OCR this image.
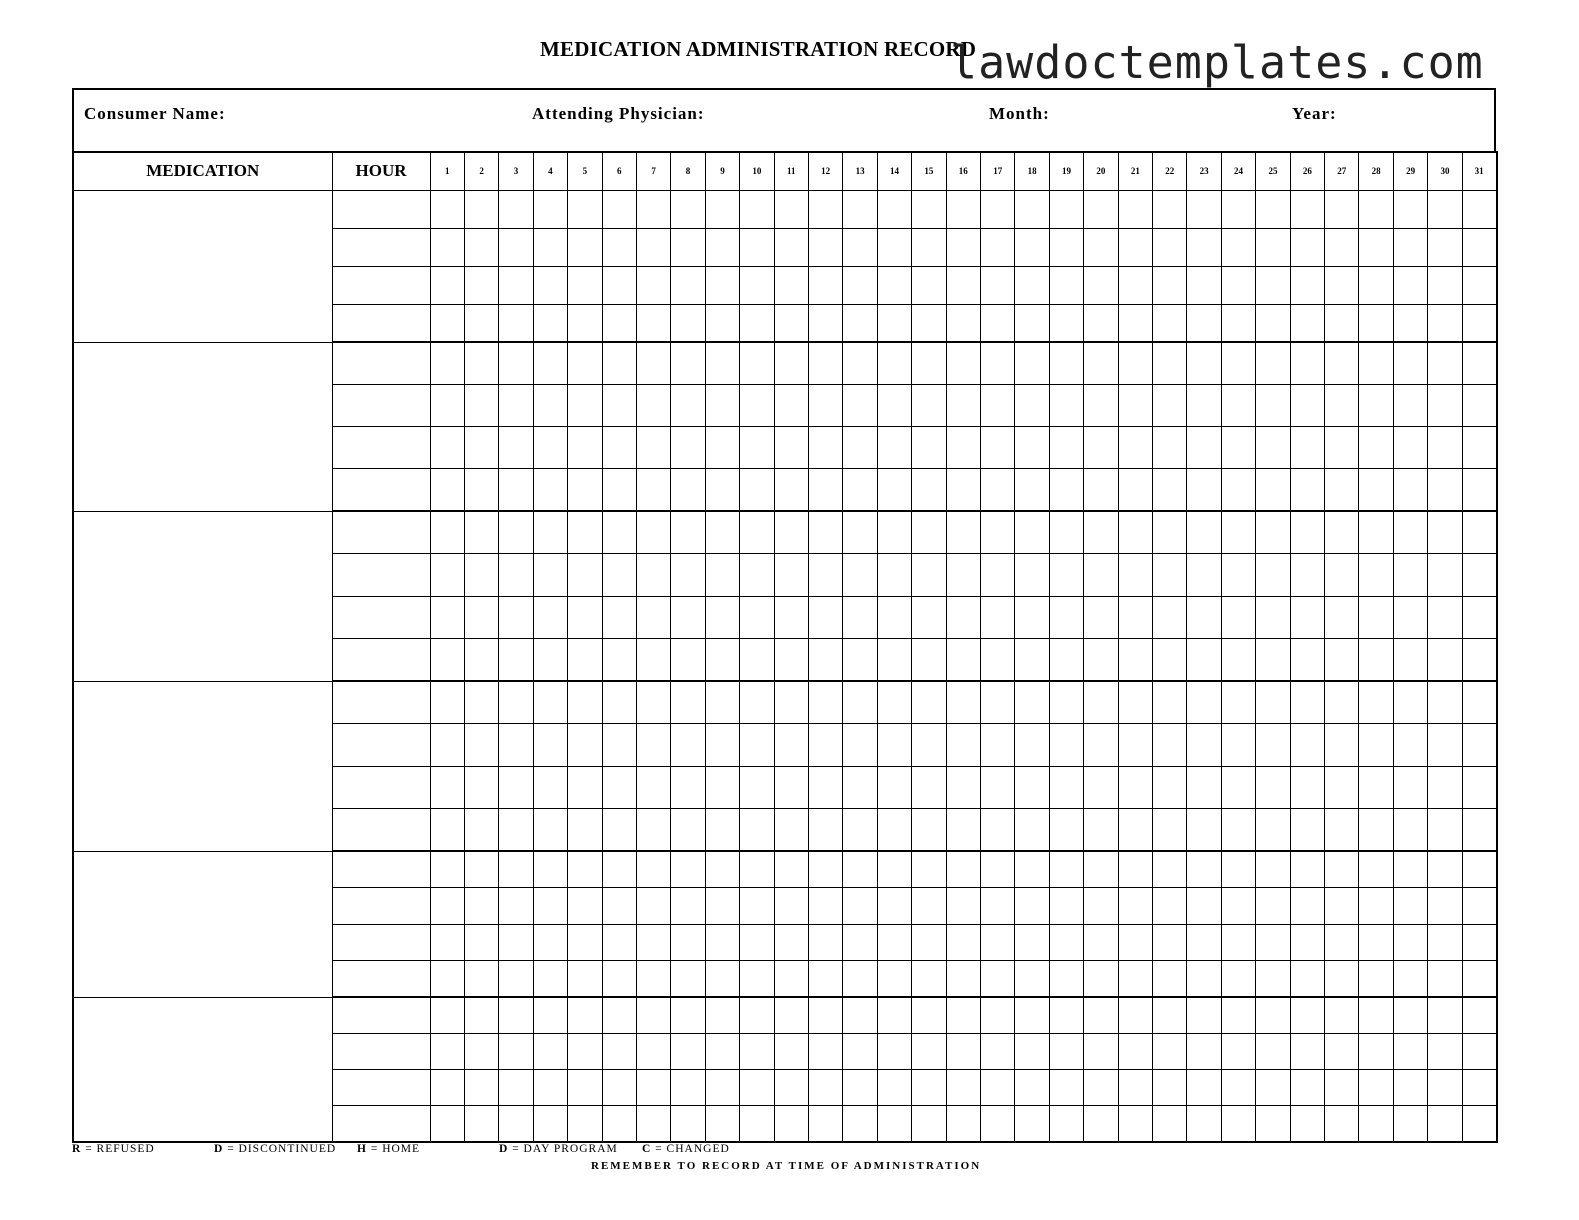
MEDICATION ADMINISTRATION RECORD
lawdoctemplates.com
Consumer Name:	Attending Physician:	Month:	Year:
MEDICATION	HOUR	1	2	3	4	5	6	7	8	9	10	11	12	13	14	15	16	17	18	19	20	21	22	23	24	25	26	27	28	29	30	31

R = REFUSED	D = DISCONTINUED H = HOME	D = DAY PROGRAM C = CHANGED
REMEMBER TO RECORD AT TIME OF ADMINISTRATION
